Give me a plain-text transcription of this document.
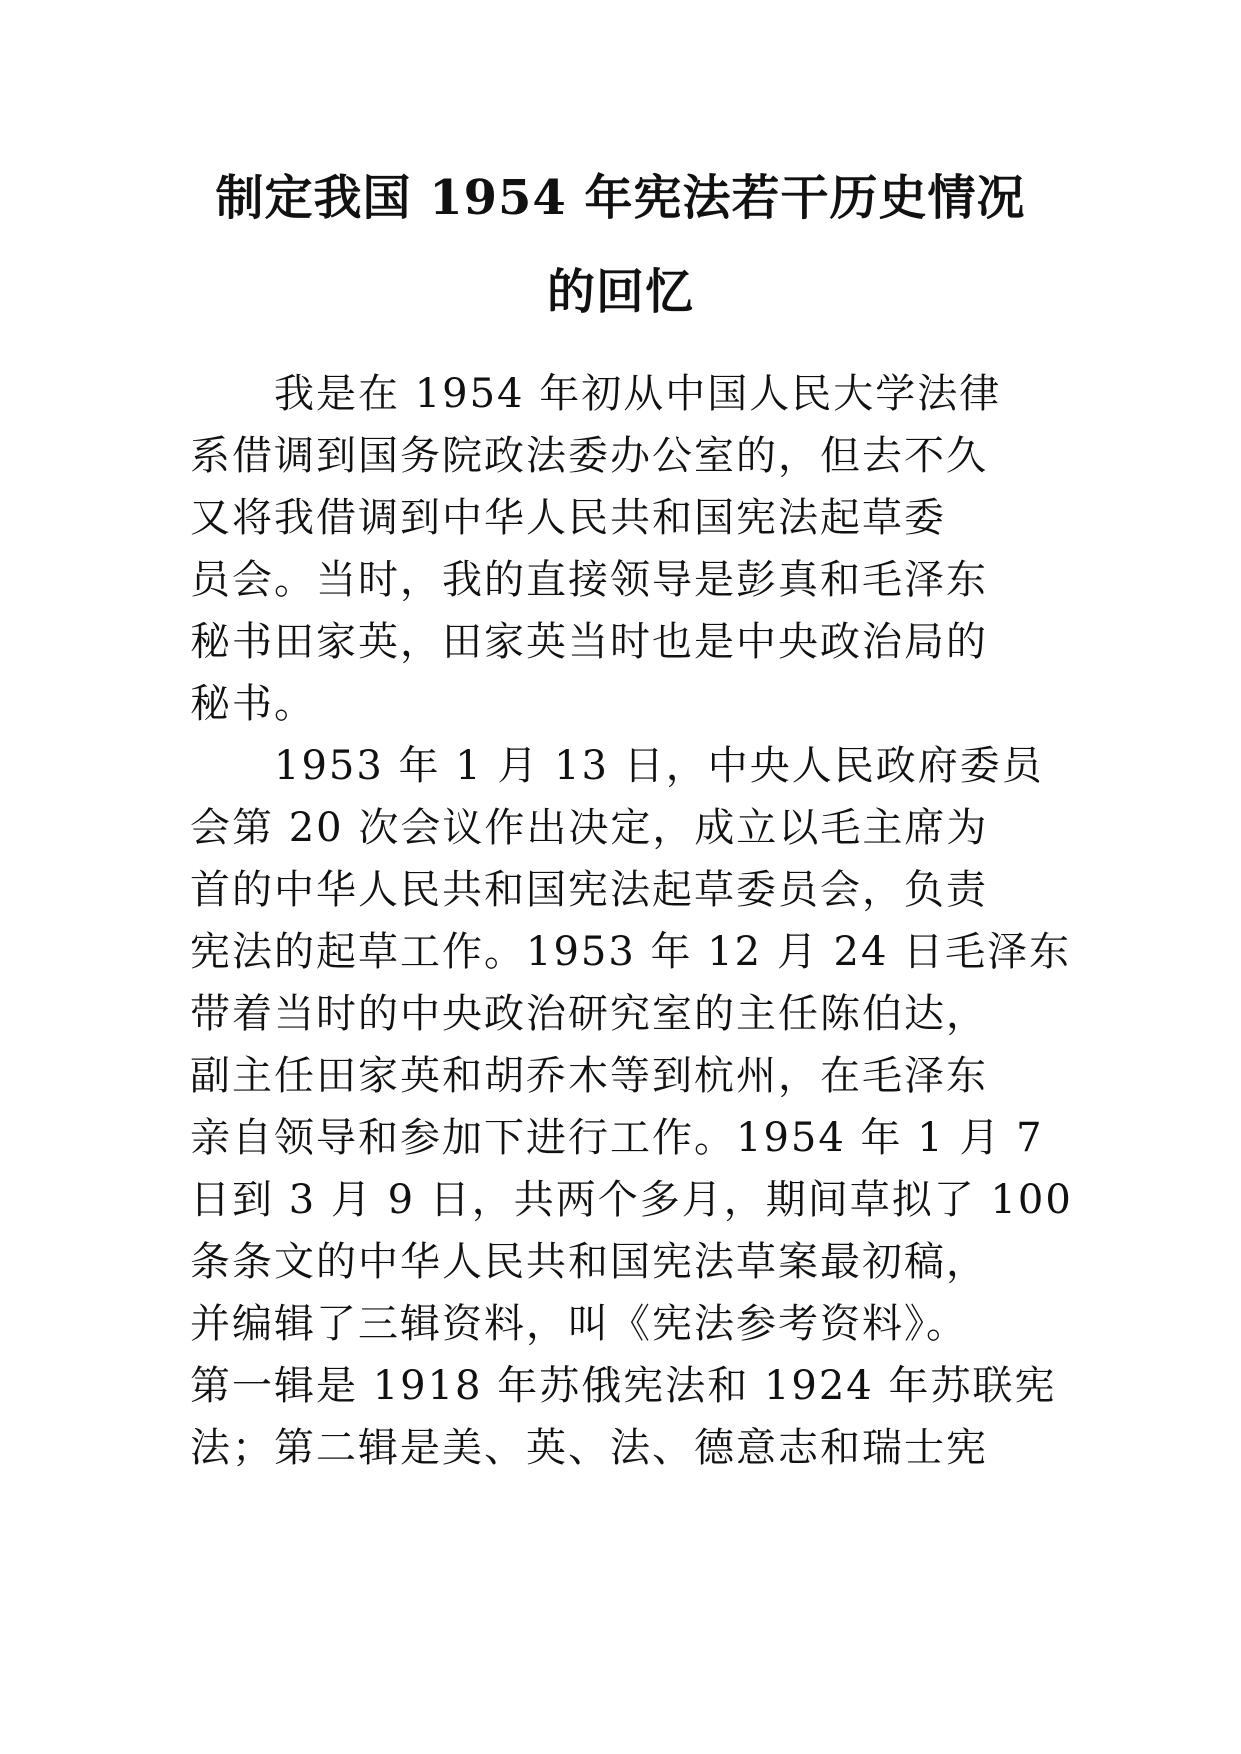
制定我国 1954 年宪法若干历史情况
的回忆

　　我是在 1954 年初从中国人民大学法律

系借调到国务院政法委办公室的，但去不久

又将我借调到中华人民共和国宪法起草委

员会。当时，我的直接领导是彭真和毛泽东

秘书田家英，田家英当时也是中央政治局的

秘书。

　　1953 年 1 月 13 日，中央人民政府委员

会第 20 次会议作出决定，成立以毛主席为

首的中华人民共和国宪法起草委员会，负责

宪法的起草工作。1953 年 12 月 24 日毛泽东

带着当时的中央政治研究室的主任陈伯达，

副主任田家英和胡乔木等到杭州，在毛泽东

亲自领导和参加下进行工作。1954 年 1 月 7

日到 3 月 9 日，共两个多月，期间草拟了 100

条条文的中华人民共和国宪法草案最初稿，

并编辑了三辑资料，叫《宪法参考资料》。

第一辑是 1918 年苏俄宪法和 1924 年苏联宪

法；第二辑是美、英、法、德意志和瑞士宪
